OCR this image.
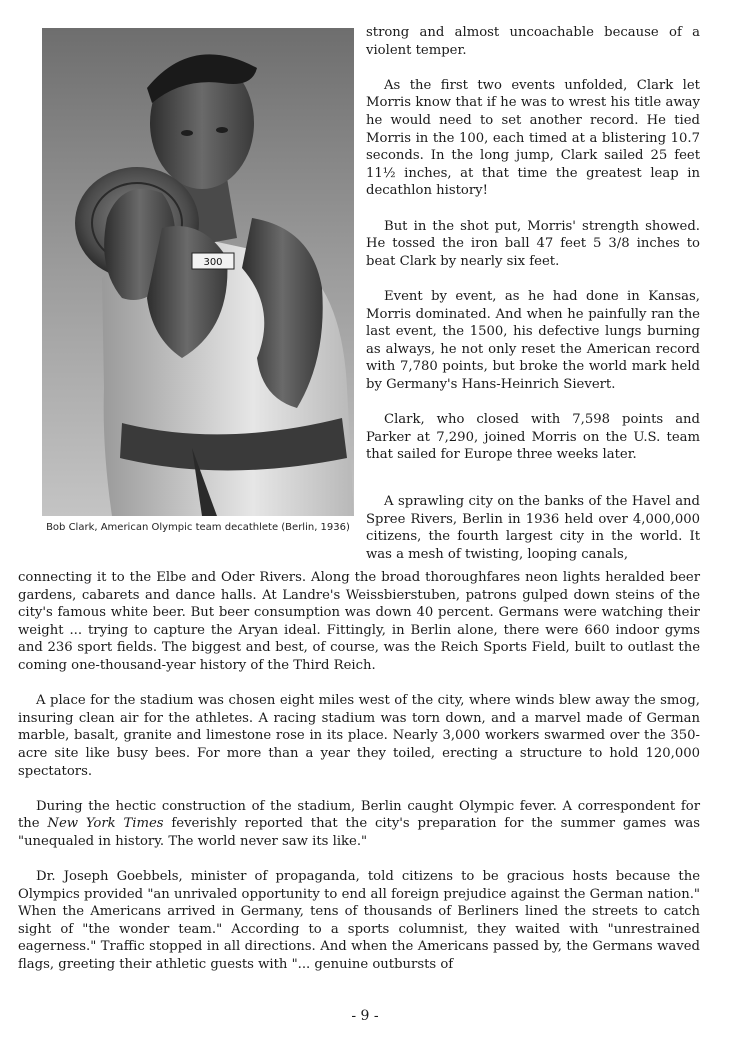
300
Bob Clark, American Olympic team decathlete (Berlin, 1936)

strong and almost uncoachable because of a violent temper.

As the first two events unfolded, Clark let Morris know that if he was to wrest his title away he would need to set another record. He tied Morris in the 100, each timed at a blistering 10.7 seconds. In the long jump, Clark sailed 25 feet 11½ inches, at that time the greatest leap in decathlon history!

But in the shot put, Morris' strength showed. He tossed the iron ball 47 feet 5 3/8 inches to beat Clark by nearly six feet.

Event by event, as he had done in Kansas, Morris dominated. And when he painfully ran the last event, the 1500, his defective lungs burning as always, he not only reset the American record with 7,780 points, but broke the world mark held by Germany's Hans-Heinrich Sievert.

Clark, who closed with 7,598 points and Parker at 7,290, joined Morris on the U.S. team that sailed for Europe three weeks later.

A sprawling city on the banks of the Havel and Spree Rivers, Berlin in 1936 held over 4,000,000 citizens, the fourth largest city in the world. It was a mesh of twisting, looping canals,

connecting it to the Elbe and Oder Rivers. Along the broad thoroughfares neon lights heralded beer gardens, cabarets and dance halls. At Landre's Weissbierstuben, patrons gulped down steins of the city's famous white beer. But beer consumption was down 40 percent. Germans were watching their weight ... trying to capture the Aryan ideal. Fittingly, in Berlin alone, there were 660 indoor gyms and 236 sport fields. The biggest and best, of course, was the Reich Sports Field, built to outlast the coming one-thousand-year history of the Third Reich.

A place for the stadium was chosen eight miles west of the city, where winds blew away the smog, insuring clean air for the athletes. A racing stadium was torn down, and a marvel made of German marble, basalt, granite and limestone rose in its place. Nearly 3,000 workers swarmed over the 350-acre site like busy bees. For more than a year they toiled, erecting a structure to hold 120,000 spectators.

During the hectic construction of the stadium, Berlin caught Olympic fever. A correspondent for the New York Times feverishly reported that the city's preparation for the summer games was "unequaled in history. The world never saw its like."

Dr. Joseph Goebbels, minister of propaganda, told citizens to be gracious hosts because the Olympics provided "an unrivaled opportunity to end all foreign prejudice against the German nation." When the Americans arrived in Germany, tens of thousands of Berliners lined the streets to catch sight of "the wonder team." According to a sports columnist, they waited with "unrestrained eagerness." Traffic stopped in all directions. And when the Americans passed by, the Germans waved flags, greeting their athletic guests with "... genuine outbursts of

- 9 -
